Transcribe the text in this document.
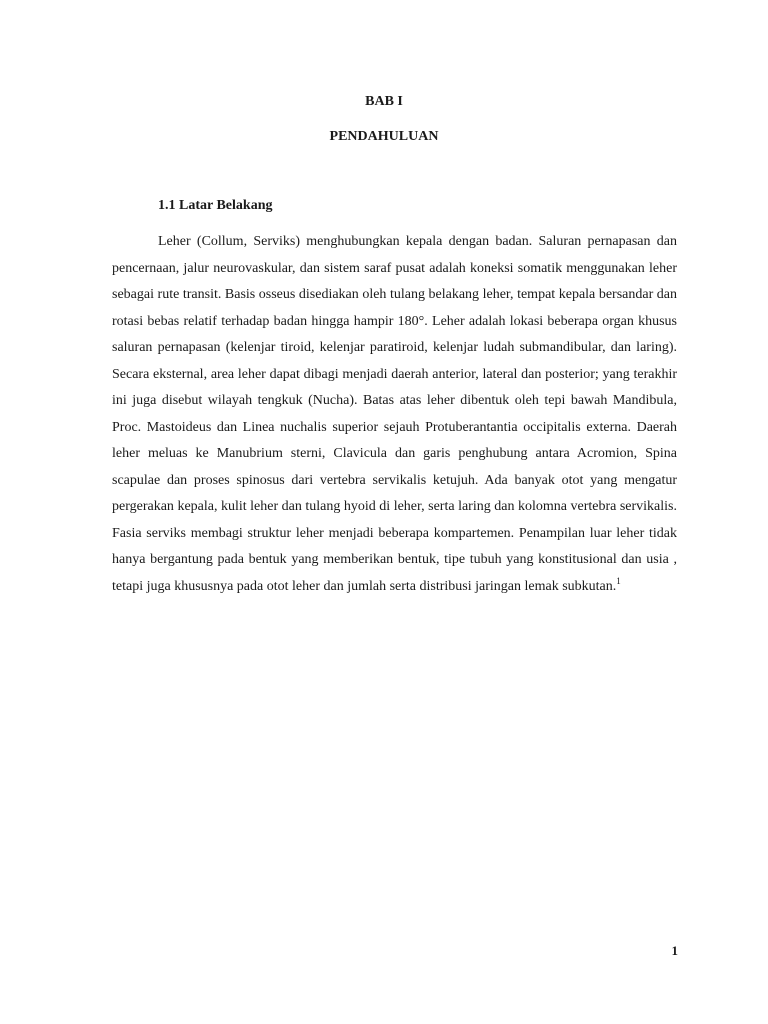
BAB I
PENDAHULUAN
1.1 Latar Belakang

Leher (Collum, Serviks) menghubungkan kepala dengan badan. Saluran pernapasan dan pencernaan, jalur neurovaskular, dan sistem saraf pusat adalah koneksi somatik menggunakan leher sebagai rute transit. Basis osseus disediakan oleh tulang belakang leher, tempat kepala bersandar dan rotasi bebas relatif terhadap badan hingga hampir 180°. Leher adalah lokasi beberapa organ khusus saluran pernapasan (kelenjar tiroid, kelenjar paratiroid, kelenjar ludah submandibular, dan laring). Secara eksternal, area leher dapat dibagi menjadi daerah anterior, lateral dan posterior; yang terakhir ini juga disebut wilayah tengkuk (Nucha). Batas atas leher dibentuk oleh tepi bawah Mandibula, Proc. Mastoideus dan Linea nuchalis superior sejauh Protuberantantia occipitalis externa. Daerah leher meluas ke Manubrium sterni, Clavicula dan garis penghubung antara Acromion, Spina scapulae dan proses spinosus dari vertebra servikalis ketujuh. Ada banyak otot yang mengatur pergerakan kepala, kulit leher dan tulang hyoid di leher, serta laring dan kolomna vertebra servikalis. Fasia serviks membagi struktur leher menjadi beberapa kompartemen. Penampilan luar leher tidak hanya bergantung pada bentuk yang memberikan bentuk, tipe tubuh yang konstitusional dan usia , tetapi juga khususnya pada otot leher dan jumlah serta distribusi jaringan lemak subkutan.$^1$

1
